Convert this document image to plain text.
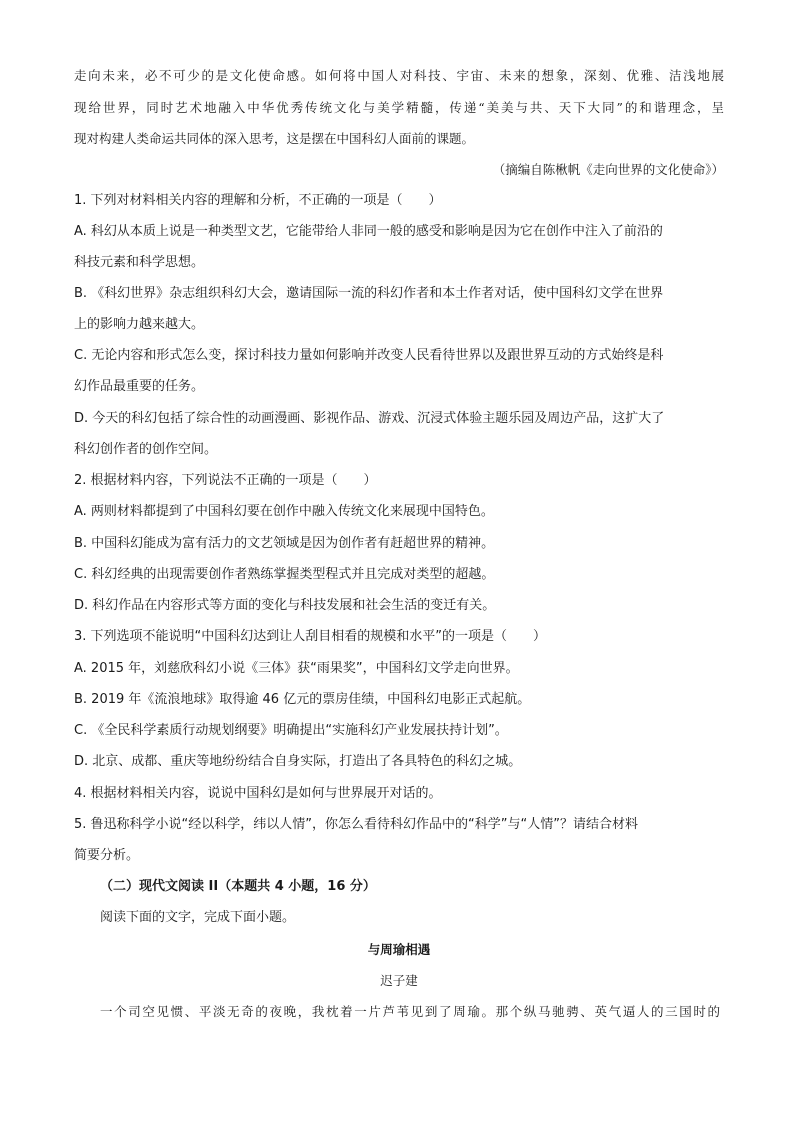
走向未来，必不可少的是文化使命感。如何将中国人对科技、宇宙、未来的想象，深刻、优雅、洁浅地展
现给世界，同时艺术地融入中华优秀传统文化与美学精髓，传递“美美与共、天下大同”的和谐理念，呈
现对构建人类命运共同体的深入思考，这是摆在中国科幻人面前的课题。
（摘编自陈楸帆《走向世界的文化使命》）
1. 下列对材料相关内容的理解和分析，不正确的一项是（　　）
A. 科幻从本质上说是一种类型文艺，它能带给人非同一般的感受和影响是因为它在创作中注入了前沿的
科技元素和科学思想。
B. 《科幻世界》杂志组织科幻大会，邀请国际一流的科幻作者和本土作者对话，使中国科幻文学在世界
上的影响力越来越大。
C. 无论内容和形式怎么变，探讨科技力量如何影响并改变人民看待世界以及跟世界互动的方式始终是科
幻作品最重要的任务。
D. 今天的科幻包括了综合性的动画漫画、影视作品、游戏、沉浸式体验主题乐园及周边产品，这扩大了
科幻创作者的创作空间。
2. 根据材料内容，下列说法不正确的一项是（　　）
A. 两则材料都提到了中国科幻要在创作中融入传统文化来展现中国特色。
B. 中国科幻能成为富有活力的文艺领域是因为创作者有赶超世界的精神。
C. 科幻经典的出现需要创作者熟练掌握类型程式并且完成对类型的超越。
D. 科幻作品在内容形式等方面的变化与科技发展和社会生活的变迁有关。
3. 下列选项不能说明“中国科幻达到让人刮目相看的规模和水平”的一项是（　　）
A. 2015 年，刘慈欣科幻小说《三体》获“雨果奖”，中国科幻文学走向世界。
B. 2019 年《流浪地球》取得逾 46 亿元的票房佳绩，中国科幻电影正式起航。
C. 《全民科学素质行动规划纲要》明确提出“实施科幻产业发展扶持计划”。
D. 北京、成都、重庆等地纷纷结合自身实际，打造出了各具特色的科幻之城。
4. 根据材料相关内容，说说中国科幻是如何与世界展开对话的。
5. 鲁迅称科学小说“经以科学，纬以人情”，你怎么看待科幻作品中的“科学”与“人情”？请结合材料
简要分析。
（二）现代文阅读 II（本题共 4 小题，16 分）
阅读下面的文字，完成下面小题。
与周瑜相遇
迟子建
一个司空见惯、平淡无奇的夜晚，我枕着一片芦苇见到了周瑜。那个纵马驰骋、英气逼人的三国时的
